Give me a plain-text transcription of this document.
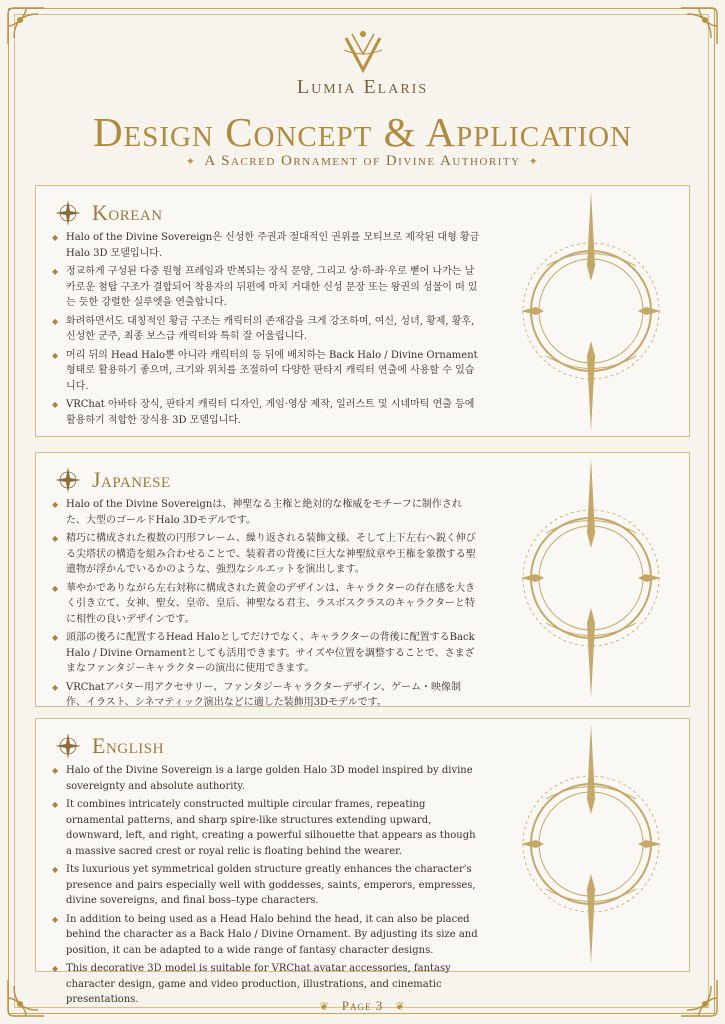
Lumia Elaris
Design Concept & Application
✦ A Sacred Ornament of Divine Authority ✦
Korean
◆ Halo of the Divine Sovereign은 신성한 주권과 절대적인 권위를 모티브로 제작된 대형 황금 Halo 3D 모델입니다.
◆ 정교하게 구성된 다중 원형 프레임과 반복되는 장식 문양, 그리고 상·하·좌·우로 뻗어 나가는 날카로운 첨탑 구조가 결합되어 착용자의 뒤편에 마치 거대한 신성 문장 또는 왕권의 성물이 떠 있는 듯한 강렬한 실루엣을 연출합니다.
◆ 화려하면서도 대칭적인 황금 구조는 캐릭터의 존재감을 크게 강조하며, 여신, 성녀, 황제, 황후, 신성한 군주, 최종 보스급 캐릭터와 특히 잘 어울립니다.
◆ 머리 뒤의 Head Halo뿐 아니라 캐릭터의 등 뒤에 배치하는 Back Halo / Divine Ornament 형태로 활용하기 좋으며, 크기와 위치를 조절하여 다양한 판타지 캐릭터 연출에 사용할 수 있습니다.
◆ VRChat 아바타 장식, 판타지 캐릭터 디자인, 게임·영상 제작, 일러스트 및 시네마틱 연출 등에 활용하기 적합한 장식용 3D 모델입니다.
Japanese
◆ Halo of the Divine Sovereignは、神聖なる主権と絶対的な権威をモチーフに制作された、大型のゴールドHalo 3Dモデルです。
◆ 精巧に構成された複数の円形フレーム、繰り返される装飾文様、そして上下左右へ鋭く伸びる尖塔状の構造を組み合わせることで、装着者の背後に巨大な神聖紋章や王権を象徴する聖遺物が浮かんでいるかのような、強烈なシルエットを演出します。
◆ 華やかでありながら左右対称に構成された黄金のデザインは、キャラクターの存在感を大きく引き立て、女神、聖女、皇帝、皇后、神聖なる君主、ラスボスクラスのキャラクターと特に相性の良いデザインです。
◆ 頭部の後ろに配置するHead Haloとしてだけでなく、キャラクターの背後に配置するBack Halo / Divine Ornamentとしても活用できます。サイズや位置を調整することで、さまざまなファンタジーキャラクターの演出に使用できます。
◆ VRChatアバター用アクセサリー、ファンタジーキャラクターデザイン、ゲーム・映像制作、イラスト、シネマティック演出などに適した装飾用3Dモデルです。
English
◆ Halo of the Divine Sovereign is a large golden Halo 3D model inspired by divine sovereignty and absolute authority.
◆ It combines intricately constructed multiple circular frames, repeating ornamental patterns, and sharp spire-like structures extending upward, downward, left, and right, creating a powerful silhouette that appears as though a massive sacred crest or royal relic is floating behind the wearer.
◆ Its luxurious yet symmetrical golden structure greatly enhances the character's presence and pairs especially well with goddesses, saints, emperors, empresses, divine sovereigns, and final boss–type characters.
◆ In addition to being used as a Head Halo behind the head, it can also be placed behind the character as a Back Halo / Divine Ornament. By adjusting its size and position, it can be adapted to a wide range of fantasy character designs.
◆ This decorative 3D model is suitable for VRChat avatar accessories, fantasy character design, game and video production, illustrations, and cinematic presentations.
❦ Page 3 ❦
